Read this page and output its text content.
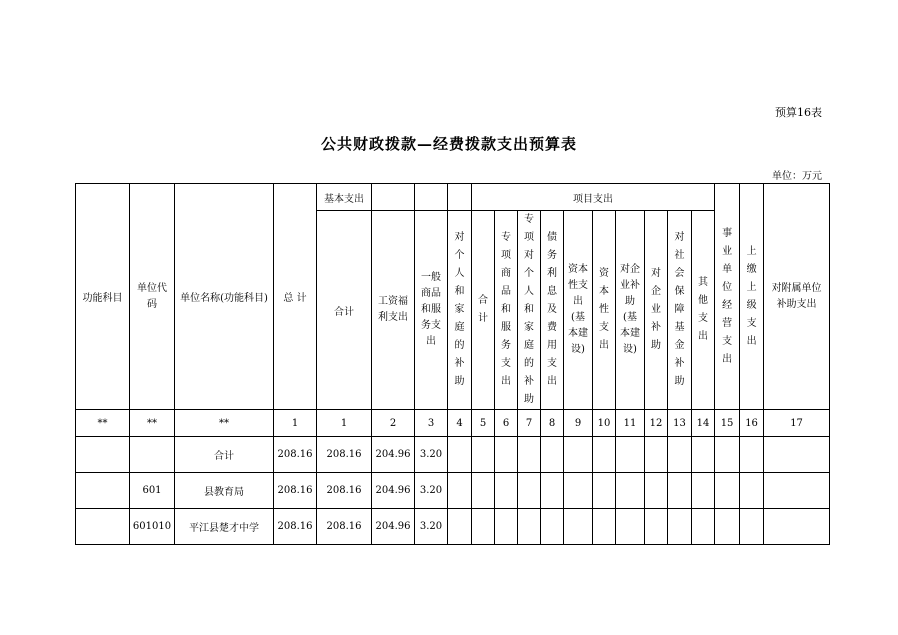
预算16表
公共财政拨款—经费拨款支出预算表
单位：万元
功能科目	单位代码	单位名称(功能科目)	总 计	基本支出				项目支出										事业单位经营支出	上缴上级支出	对附属单位补助支出
				合计	工资福利支出	一般商品和服务支出	对个人和家庭的补助	合计	专项商品和服务支出	专项对个人和家庭的补助	债务利息及费用支出	资本性支出(基本建设)	资本性支出	对企业补助(基本建设)	对企业补助	对社会保障基金补助	其他支出			

**	**	**	1	1	2	3	4	5	6	7	8	9	10	11	12	13	14	15	16	17
		合计	208.16	208.16	204.96	3.20														
	601	县教育局	208.16	208.16	204.96	3.20														
	601010	平江县楚才中学	208.16	208.16	204.96	3.20														
